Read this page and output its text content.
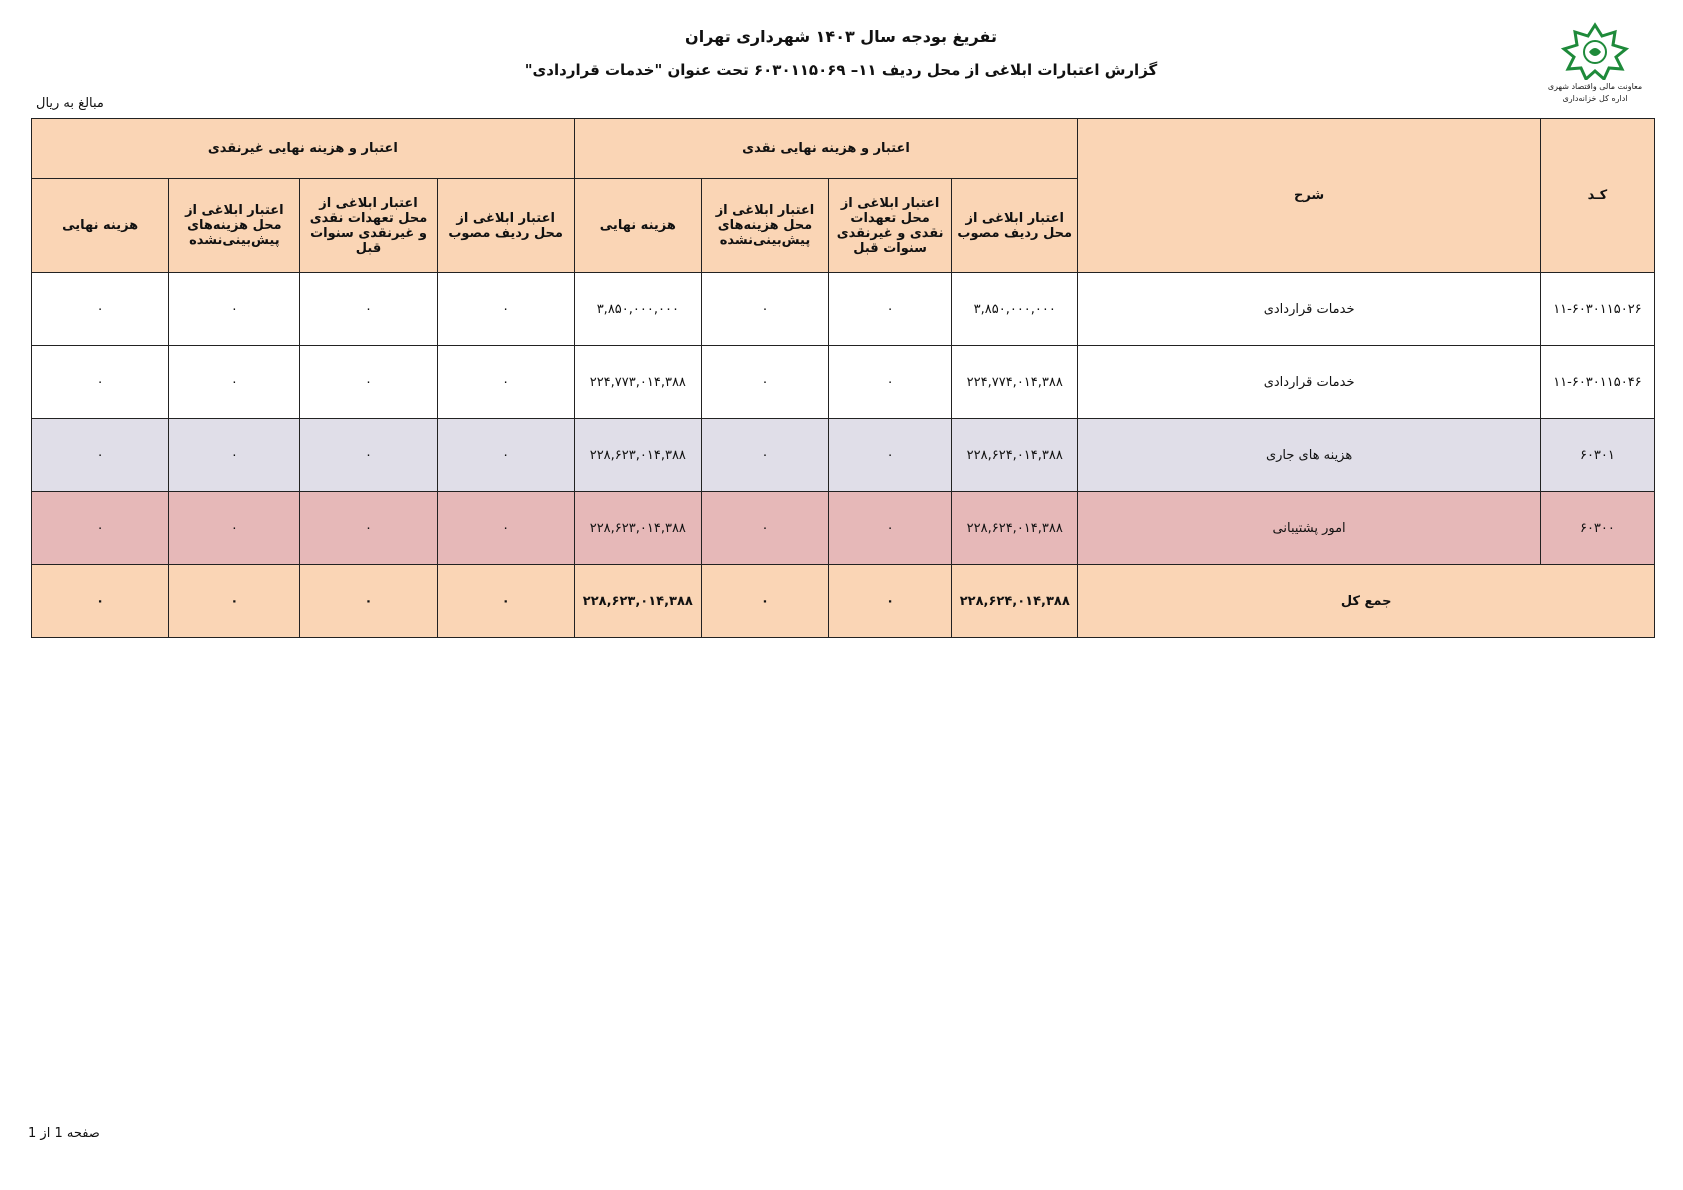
تفریغ بودجه سال ۱۴۰۳ شهرداری تهران
گزارش اعتبارات ابلاغی از محل ردیف ۱۱– ۶۰۳۰۱۱۵۰۶۹ تحت عنوان "خدمات قراردادی"
مبالغ به ریال
معاونت مالی واقتصاد شهری
اداره کل خزانه‌داری
کـد	شرح	اعتبار و هزینه نهایی نقدی				اعتبار و هزینه نهایی غیرنقدی			
		اعتبار ابلاغی از محل ردیف مصوب	اعتبار ابلاغی از محل تعهدات نقدی و غیرنقدی سنوات قبل	اعتبار ابلاغی از محل هزینه‌های پیش‌بینی‌نشده	هزینه نهایی	اعتبار ابلاغی از محل ردیف مصوب	اعتبار ابلاغی از محل تعهدات نقدی و غیرنقدی سنوات قبل	اعتبار ابلاغی از محل هزینه‌های پیش‌بینی‌نشده	هزینه نهایی
۱۱-۶۰۳۰۱۱۵۰۲۶	خدمات قراردادی	۳,۸۵۰,۰۰۰,۰۰۰	۰	۰	۳,۸۵۰,۰۰۰,۰۰۰	۰	۰	۰	۰
۱۱-۶۰۳۰۱۱۵۰۴۶	خدمات قراردادی	۲۲۴,۷۷۴,۰۱۴,۳۸۸	۰	۰	۲۲۴,۷۷۳,۰۱۴,۳۸۸	۰	۰	۰	۰
۶۰۳۰۱	هزینه های جاری	۲۲۸,۶۲۴,۰۱۴,۳۸۸	۰	۰	۲۲۸,۶۲۳,۰۱۴,۳۸۸	۰	۰	۰	۰
۶۰۳۰۰	امور پشتیبانی	۲۲۸,۶۲۴,۰۱۴,۳۸۸	۰	۰	۲۲۸,۶۲۳,۰۱۴,۳۸۸	۰	۰	۰	۰
جمع کل		۲۲۸,۶۲۴,۰۱۴,۳۸۸	۰	۰	۲۲۸,۶۲۳,۰۱۴,۳۸۸	۰	۰	۰	۰
صفحه 1 از 1
